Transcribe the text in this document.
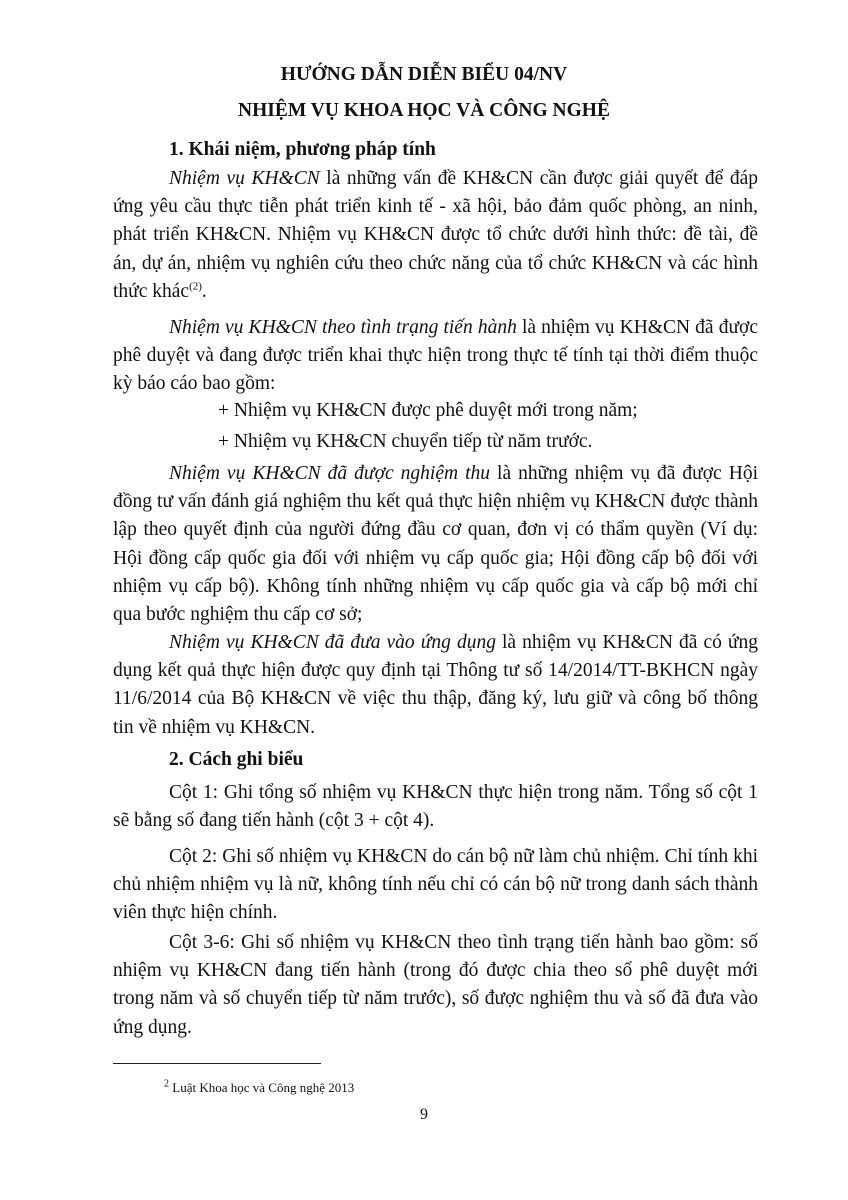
HƯỚNG DẪN DIỄN BIỂU 04/NV

NHIỆM VỤ KHOA HỌC VÀ CÔNG NGHỆ

1. Khái niệm, phương pháp tính

Nhiệm vụ KH&CN là những vấn đề KH&CN cần được giải quyết để đáp ứng yêu cầu thực tiễn phát triển kinh tế - xã hội, bảo đảm quốc phòng, an ninh, phát triển KH&CN. Nhiệm vụ KH&CN được tổ chức dưới hình thức: đề tài, đề án, dự án, nhiệm vụ nghiên cứu theo chức năng của tổ chức KH&CN và các hình thức khác$^{(2)}$.

Nhiệm vụ KH&CN theo tình trạng tiến hành là nhiệm vụ KH&CN đã được phê duyệt và đang được triển khai thực hiện trong thực tế tính tại thời điểm thuộc kỳ báo cáo bao gồm:

+ Nhiệm vụ KH&CN được phê duyệt mới trong năm;

+ Nhiệm vụ KH&CN chuyển tiếp từ năm trước.

Nhiệm vụ KH&CN đã được nghiệm thu là những nhiệm vụ đã được Hội đồng tư vấn đánh giá nghiệm thu kết quả thực hiện nhiệm vụ KH&CN được thành lập theo quyết định của người đứng đầu cơ quan, đơn vị có thẩm quyền (Ví dụ: Hội đồng cấp quốc gia đối với nhiệm vụ cấp quốc gia; Hội đồng cấp bộ đối với nhiệm vụ cấp bộ). Không tính những nhiệm vụ cấp quốc gia và cấp bộ mới chỉ qua bước nghiệm thu cấp cơ sở;

Nhiệm vụ KH&CN đã đưa vào ứng dụng là nhiệm vụ KH&CN đã có ứng dụng kết quả thực hiện được quy định tại Thông tư số 14/2014/TT-BKHCN ngày 11/6/2014 của Bộ KH&CN về việc thu thập, đăng ký, lưu giữ và công bố thông tin về nhiệm vụ KH&CN.

2. Cách ghi biểu

Cột 1: Ghi tổng số nhiệm vụ KH&CN thực hiện trong năm. Tổng số cột 1 sẽ bằng số đang tiến hành (cột 3 + cột 4).

Cột 2: Ghi số nhiệm vụ KH&CN do cán bộ nữ làm chủ nhiệm. Chỉ tính khi chủ nhiệm nhiệm vụ là nữ, không tính nếu chỉ có cán bộ nữ trong danh sách thành viên thực hiện chính.

Cột 3-6: Ghi số nhiệm vụ KH&CN theo tình trạng tiến hành bao gồm: số nhiệm vụ KH&CN đang tiến hành (trong đó được chia theo số phê duyệt mới trong năm và số chuyển tiếp từ năm trước), số được nghiệm thu và số đã đưa vào ứng dụng.

$^2$ Luật Khoa học và Công nghệ 2013

9
